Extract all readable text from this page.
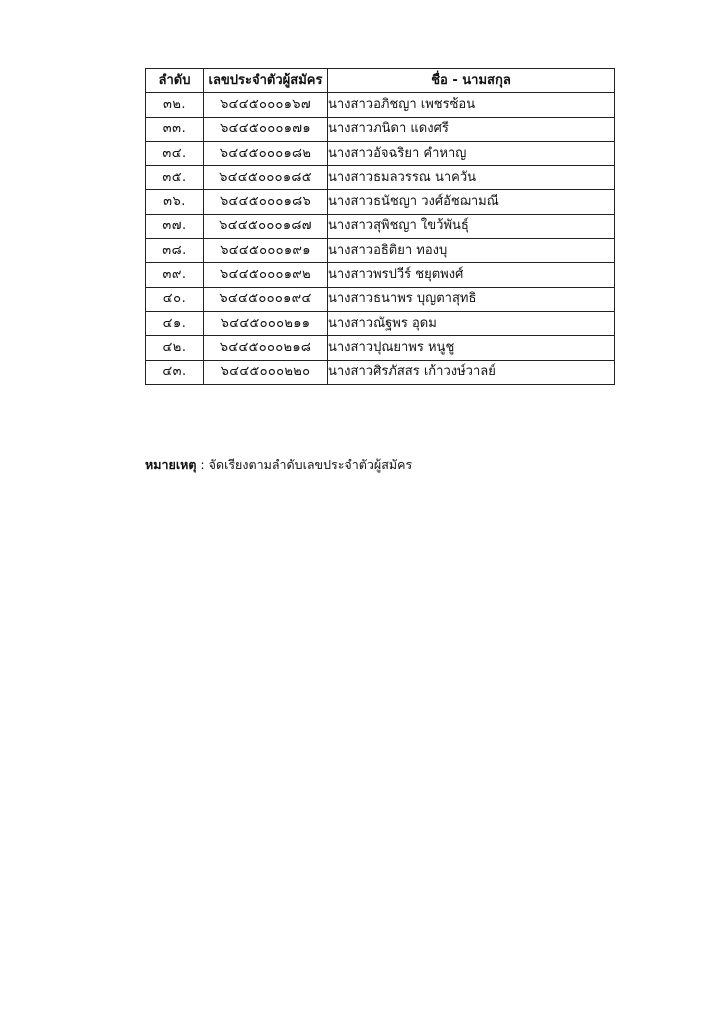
ลำดับ	เลขประจำตัวผู้สมัคร	ชื่อ - นามสกุล
๓๒.	๖๔๔๕๐๐๐๑๖๗	นางสาวอภิชญา เพชรซ้อน
๓๓.	๖๔๔๕๐๐๐๑๗๑	นางสาวภนิดา แดงศรี
๓๔.	๖๔๔๕๐๐๐๑๘๒	นางสาวอัจฉริยา คำหาญ
๓๕.	๖๔๔๕๐๐๐๑๘๕	นางสาวธมลวรรณ นาควัน
๓๖.	๖๔๔๕๐๐๐๑๘๖	นางสาวธนัชญา วงศ์อัชฌามณี
๓๗.	๖๔๔๕๐๐๐๑๘๗	นางสาวสุพิชญา ใขว้พันธุ์
๓๘.	๖๔๔๕๐๐๐๑๙๑	นางสาวอธิติยา ทองบุ
๓๙.	๖๔๔๕๐๐๐๑๙๒	นางสาวพรปวีร์ ชยุตพงศ์
๔๐.	๖๔๔๕๐๐๐๑๙๔	นางสาวธนาพร บุญตาสุทธิ
๔๑.	๖๔๔๕๐๐๐๒๑๑	นางสาวณัฐพร อุดม
๔๒.	๖๔๔๕๐๐๐๒๑๘	นางสาวปุณยาพร หนูชู
๔๓.	๖๔๔๕๐๐๐๒๒๐	นางสาวศิรภัสสร เก้าวงษ์วาลย์
หมายเหตุ : จัดเรียงตามลำดับเลขประจำตัวผู้สมัคร
